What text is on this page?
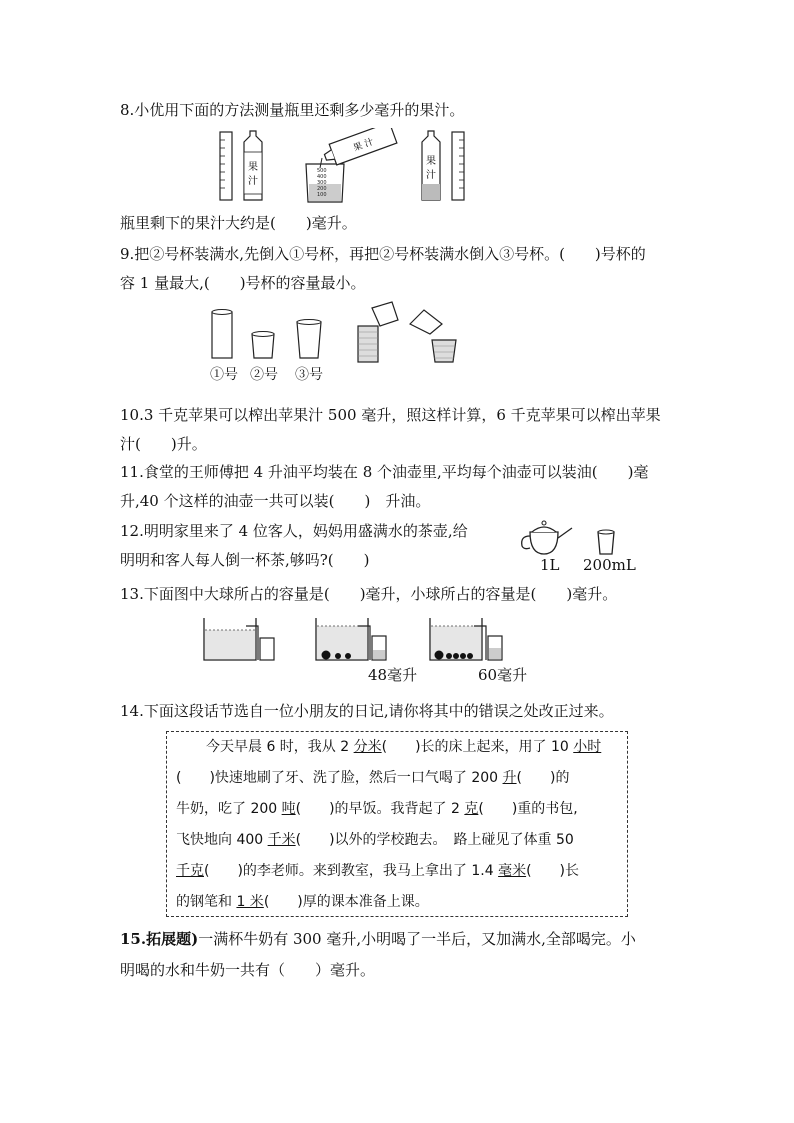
8.小优用下面的方法测量瓶里还剩多少毫升的果汁。
果
汁
500
400
300
200
100
果 汁
果
汁
瓶里剩下的果汁大约是(　　)毫升。
9.把②号杯装满水,先倒入①号杯，再把②号杯装满水倒入③号杯。(　　)号杯的
容 1 量最大,(　　)号杯的容量最小。
①号 ②号 ③号
10.3 千克苹果可以榨出苹果汁 500 毫升，照这样计算，6 千克苹果可以榨出苹果
汁(　　)升。
11.食堂的王师傅把 4 升油平均装在 8 个油壶里,平均每个油壶可以装油(　　)毫
升,40 个这样的油壶一共可以装(　　)　升油。
12.明明家里来了 4 位客人，妈妈用盛满水的茶壶,给
明明和客人每人倒一杯茶,够吗?(　　)	1L 200mL
13.下面图中大球所占的容量是(　　)毫升，小球所占的容量是(　　)毫升。
48毫升	60毫升
14.下面这段话节选自一位小朋友的日记,请你将其中的错误之处改正过来。
今天早晨 6 时，我从 2 分米(　　)长的床上起来，用了 10 小时
(　　)快速地刷了牙、洗了脸，然后一口气喝了 200 升(　　)的
牛奶，吃了 200 吨(　　)的早饭。我背起了 2 克(　　)重的书包,
飞快地向 400 千米(　　)以外的学校跑去。　路上碰见了体重 50
千克(　　)的李老师。来到教室，我马上拿出了 1.4 毫米(　　)长
的钢笔和 1 米(　　)厚的课本准备上课。
15.拓展题)一满杯牛奶有 300 毫升,小明喝了一半后，又加满水,全部喝完。小
明喝的水和牛奶一共有（　　）毫升。
